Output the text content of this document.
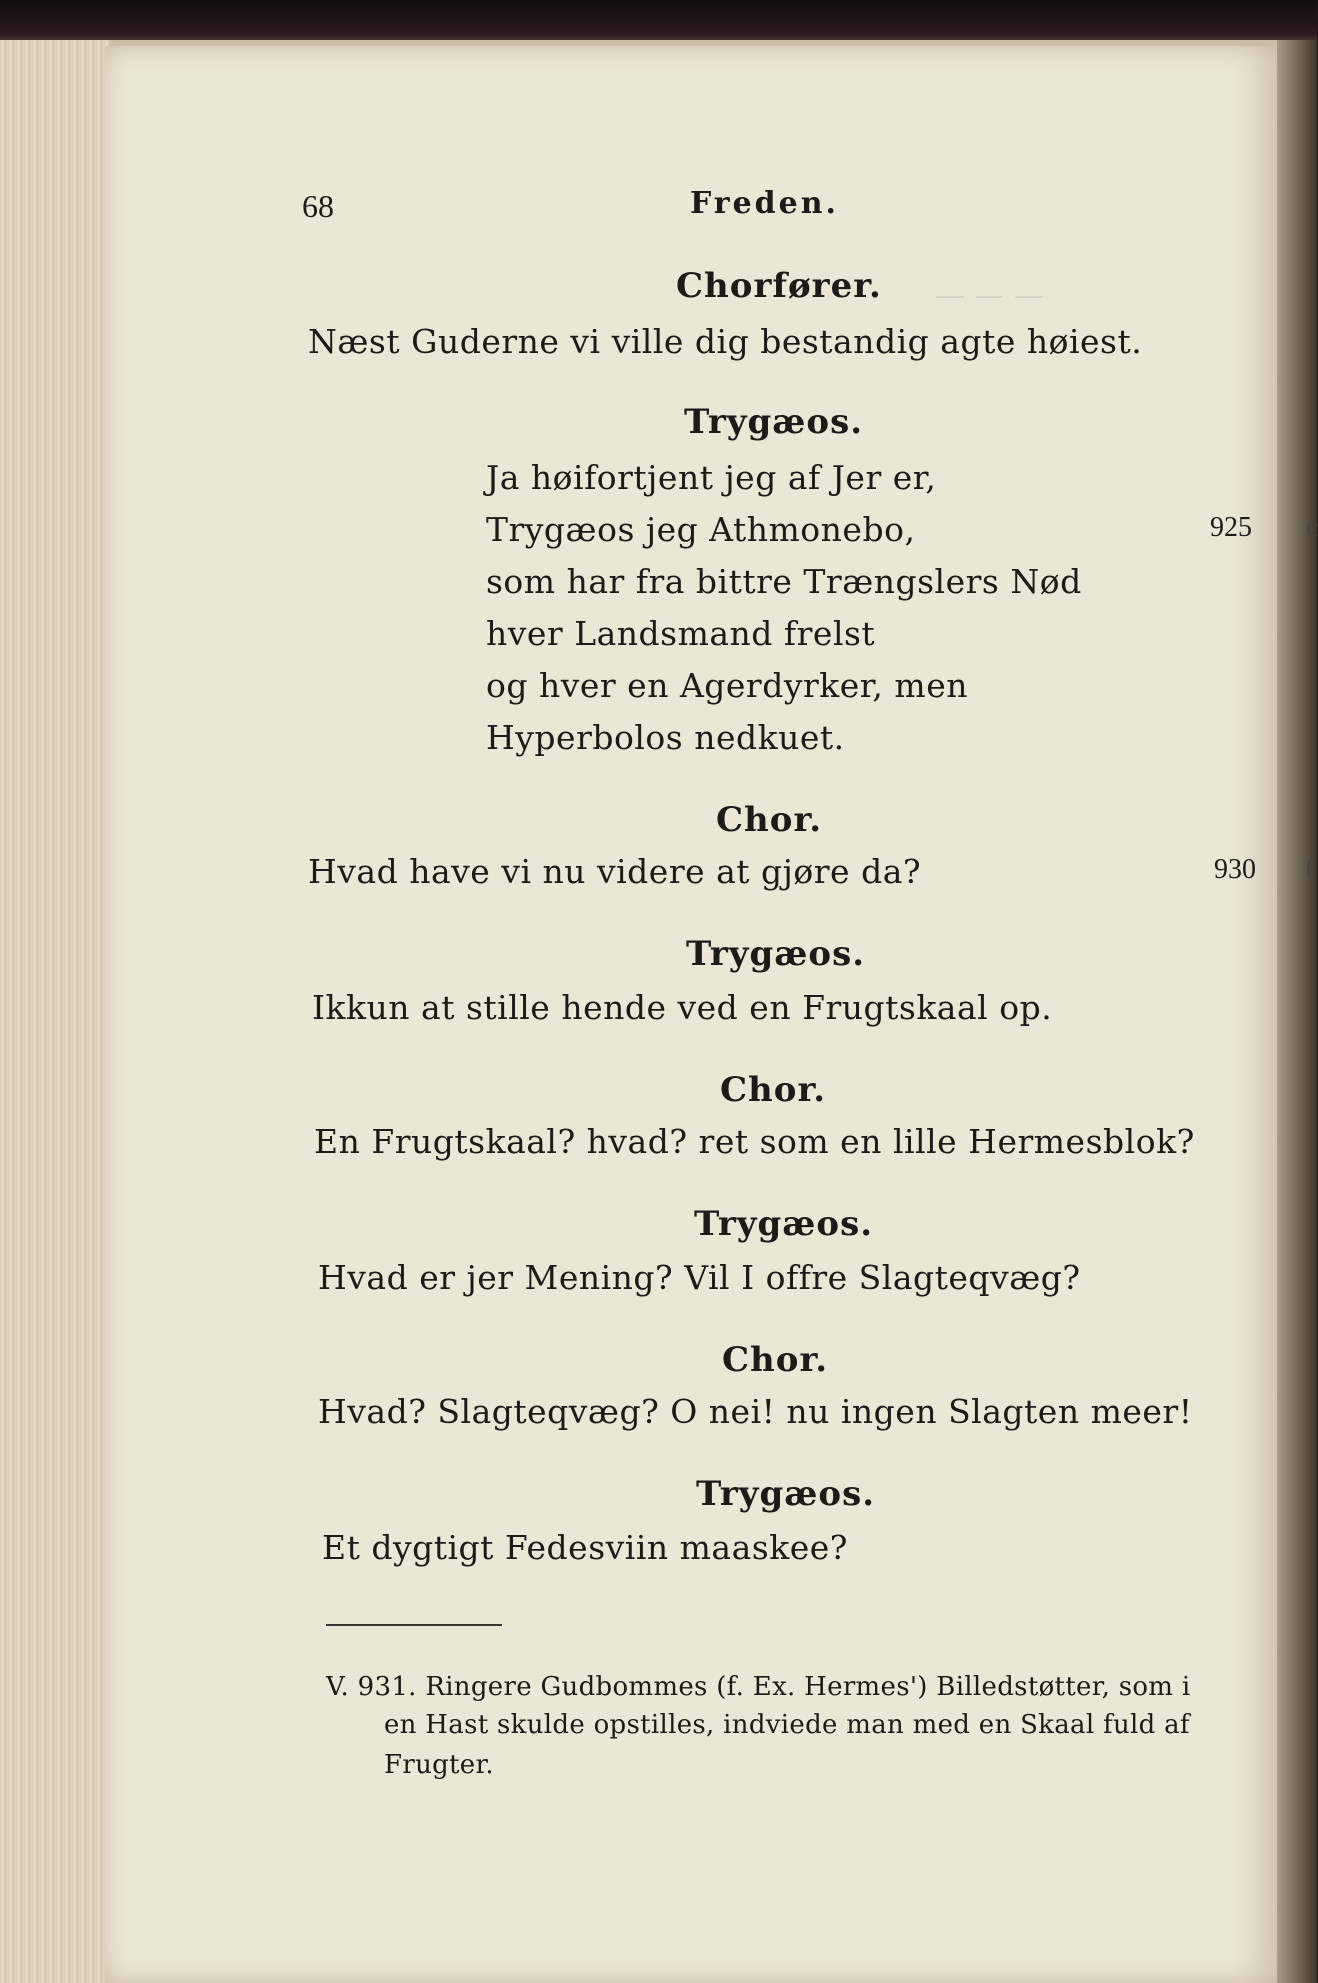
— — —
68	Freden.
Chorfører.
Næst Guderne vi ville dig bestandig agte høiest.
Trygæos.
Ja høifortjent jeg af Jer er,
Trygæos jeg Athmonebo,	925
som har fra bittre Trængslers Nød
hver Landsmand frelst
og hver en Agerdyrker, men
Hyperbolos nedkuet.
Chor.
Hvad have vi nu videre at gjøre da?	930
Trygæos.
Ikkun at stille hende ved en Frugtskaal op.
Chor.
En Frugtskaal? hvad? ret som en lille Hermesblok?
Trygæos.
Hvad er jer Mening? Vil I offre Slagteqvæg?
Chor.
Hvad? Slagteqvæg? O nei! nu ingen Slagten meer!
Trygæos.
Et dygtigt Fedesviin maaskee?
V. 931. Ringere Gudbommes (f. Ex. Hermes') Billedstøtter, som i
en Hast skulde opstilles, indviede man med en Skaal fuld af
Frugter.
c
(
